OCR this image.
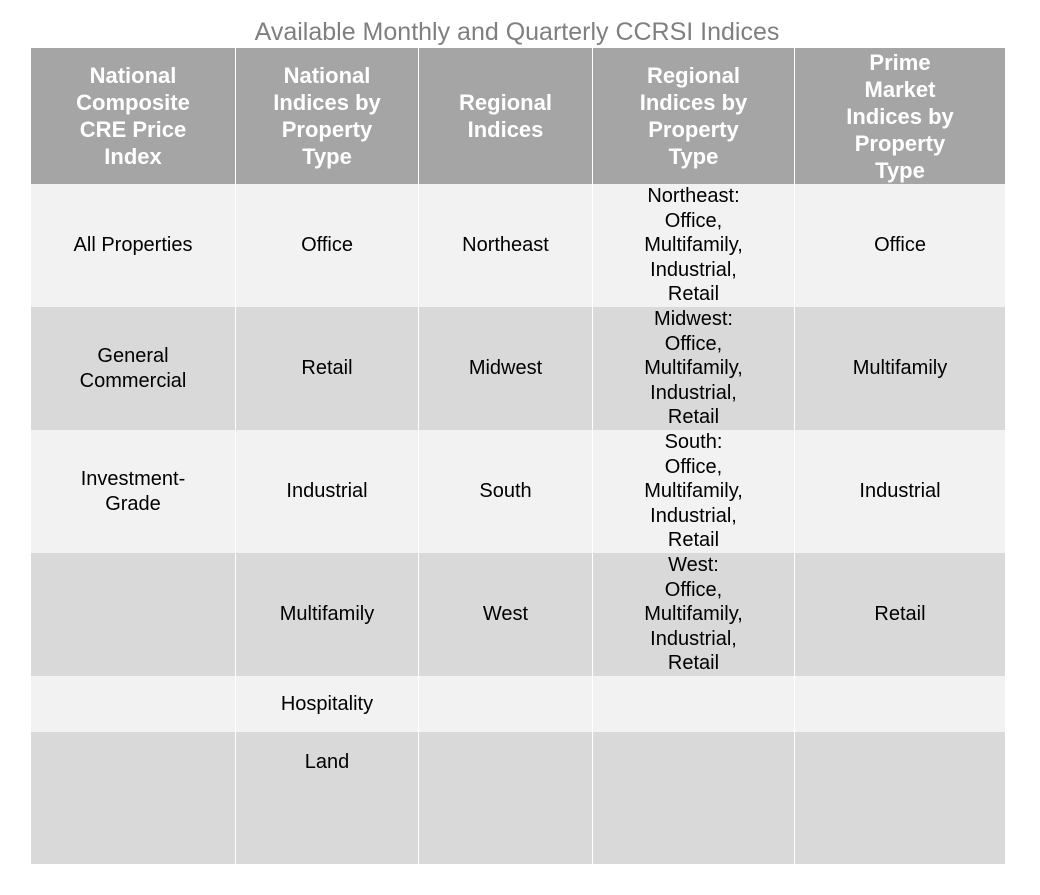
Available Monthly and Quarterly CCRSI Indices
National
Composite
CRE Price
Index	National
Indices by
Property
Type	Regional
Indices	Regional
Indices by
Property
Type	Prime
Market
Indices by
Property
Type

All Properties	Office	Northeast	Northeast:
Office,
Multifamily,
Industrial,
Retail	Office

General
Commercial	Retail	Midwest	Midwest:
Office,
Multifamily,
Industrial,
Retail	Multifamily

Investment-
Grade	Industrial	South	South:
Office,
Multifamily,
Industrial,
Retail	Industrial

	Multifamily	West	West:
Office,
Multifamily,
Industrial,
Retail	Retail

	Hospitality			

	Land			
